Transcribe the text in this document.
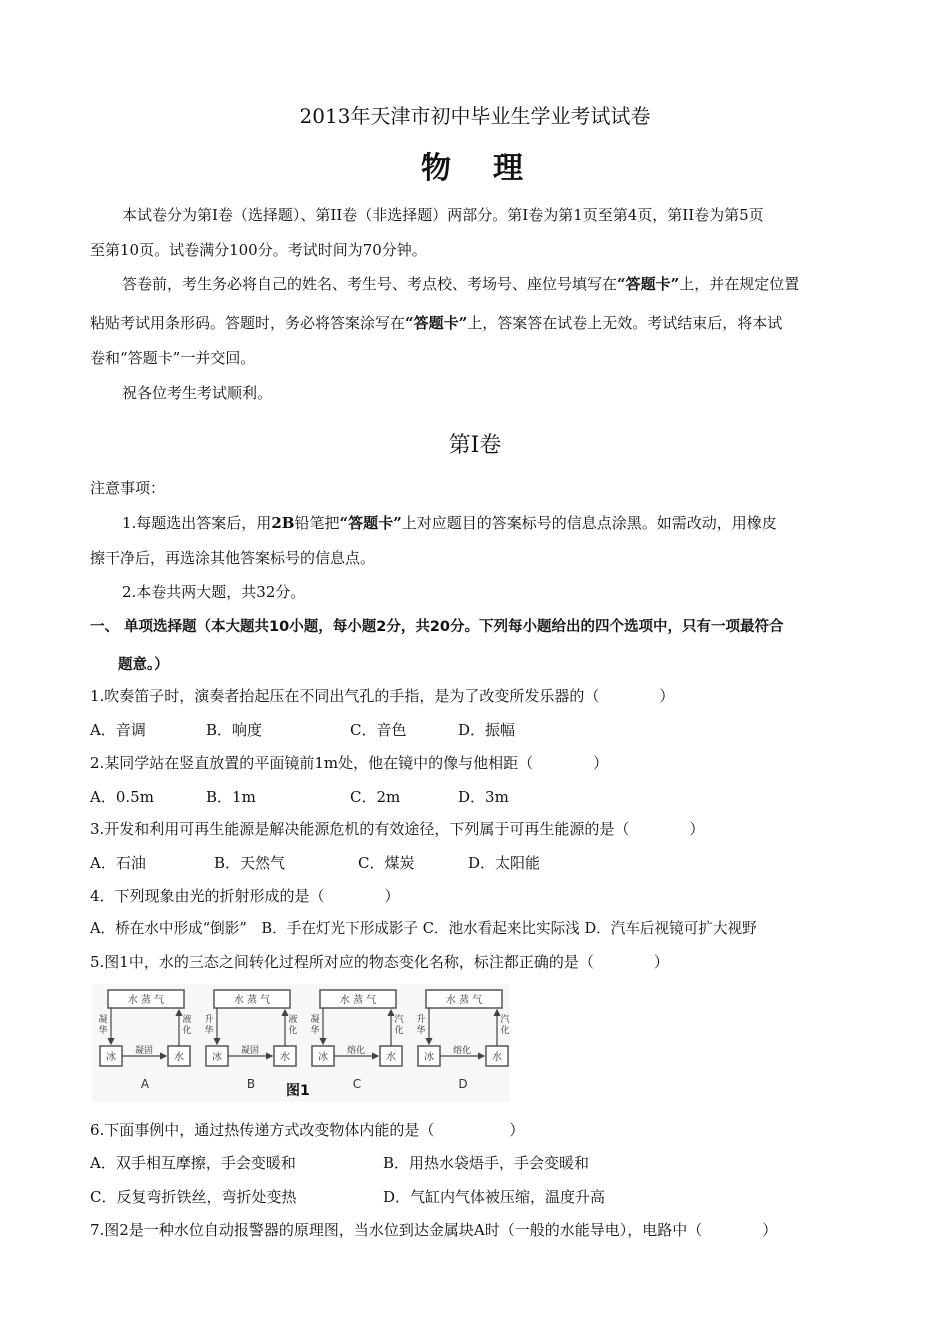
2013年天津市初中毕业生学业考试试卷
物　理
本试卷分为第Ⅰ卷（选择题）、第II卷（非选择题）两部分。第Ⅰ卷为第1页至第4页，第II卷为第5页
至第10页。试卷满分100分。考试时间为70分钟。
答卷前，考生务必将自己的姓名、考生号、考点校、考场号、座位号填写在“答题卡”上，并在规定位置
粘贴考试用条形码。答题时，务必将答案涂写在“答题卡”上，答案答在试卷上无效。考试结束后，将本试
卷和“答题卡”一并交回。
祝各位考生考试顺利。
第Ⅰ卷
注意事项：
1.每题选出答案后，用2B铅笔把“答题卡”上对应题目的答案标号的信息点涂黑。如需改动，用橡皮
擦干净后，再选涂其他答案标号的信息点。
2.本卷共两大题，共32分。
一、 单项选择题（本大题共10小题，每小题2分，共20分。下列每小题给出的四个选项中，只有一项最符合
题意。）
1.吹奏笛子时，演奏者抬起压在不同出气孔的手指，是为了改变所发乐器的（　　　　）
A．音调	B．响度	C．音色	D．振幅
2.某同学站在竖直放置的平面镜前1m处，他在镜中的像与他相距（　　　　）
A．0.5m	B．1m	C．2m	D．3m
3.开发和利用可再生能源是解决能源危机的有效途径，下列属于可再生能源的是（　　　　）
A．石油	B．天然气	C．煤炭	D．太阳能
4．下列现象由光的折射形成的是（　　　　）
A．桥在水中形成“倒影”　B．手在灯光下形成影子 C．池水看起来比实际浅 D．汽车后视镜可扩大视野
5.图1中，水的三态之间转化过程所对应的物态变化名称，标注都正确的是（　　　　）
水 蒸 气
冰	水
凝固
凝
华
液
化
A
水 蒸 气
冰	水
凝固
升
华
液
化
B
水 蒸 气
冰	水
熔化
凝
华
汽
化
C
水 蒸 气
冰	水
熔化
升
华
汽
化
D
图1
6.下面事例中，通过热传递方式改变物体内能的是（　　　　　）
A．双手相互摩擦，手会变暖和	B．用热水袋焐手，手会变暖和
C．反复弯折铁丝，弯折处变热	D．气缸内气体被压缩，温度升高
7.图2是一种水位自动报警器的原理图，当水位到达金属块A时（一般的水能导电），电路中（　　　　）
